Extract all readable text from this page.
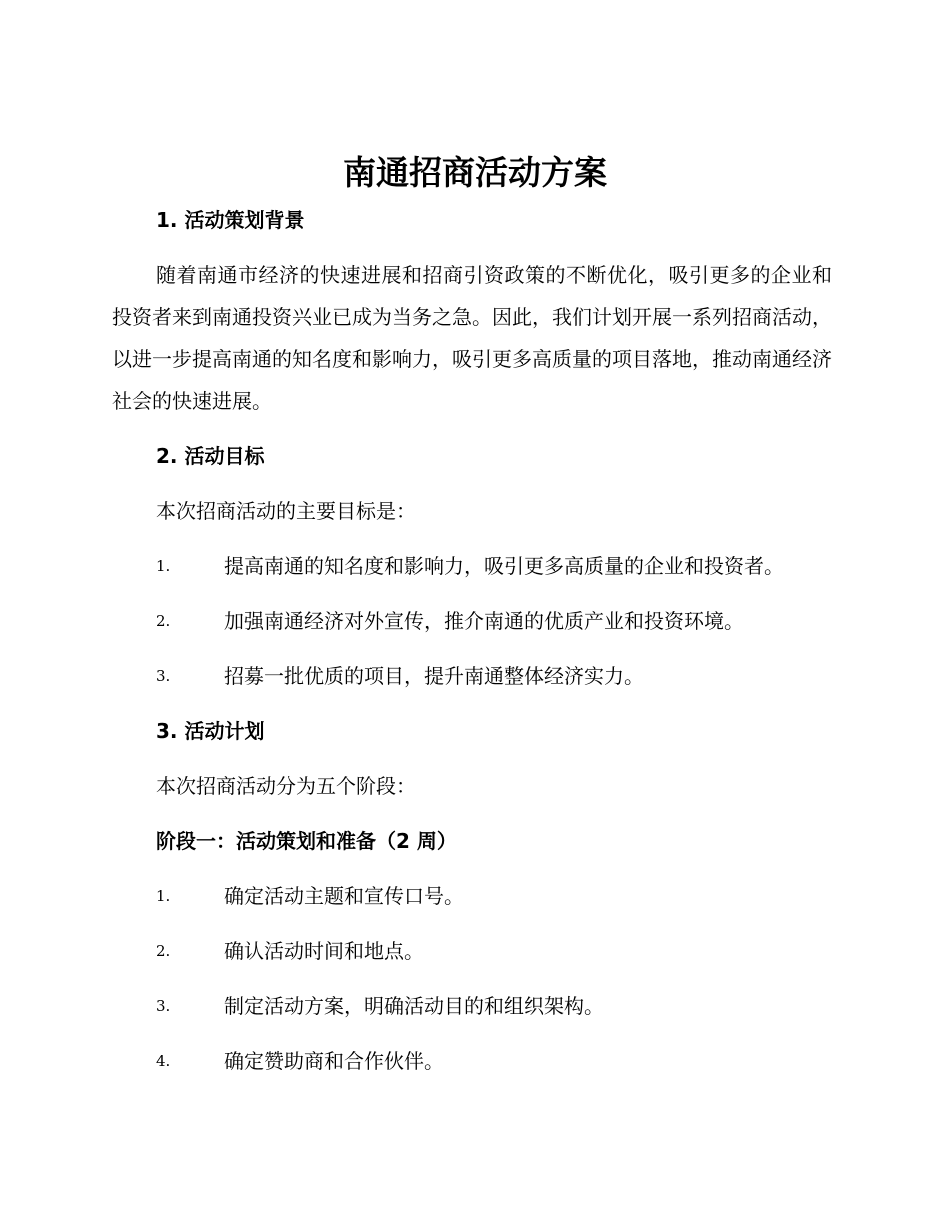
南通招商活动方案
1. 活动策划背景
随着南通市经济的快速进展和招商引资政策的不断优化，吸引更多的企业和投资者来到南通投资兴业已成为当务之急。因此，我们计划开展一系列招商活动，以进一步提高南通的知名度和影响力，吸引更多高质量的项目落地，推动南通经济社会的快速进展。
2. 活动目标
本次招商活动的主要目标是：
1.	提高南通的知名度和影响力，吸引更多高质量的企业和投资者。
2.	加强南通经济对外宣传，推介南通的优质产业和投资环境。
3.	招募一批优质的项目，提升南通整体经济实力。
3. 活动计划
本次招商活动分为五个阶段：
阶段一：活动策划和准备（2 周）
1.	确定活动主题和宣传口号。
2.	确认活动时间和地点。
3.	制定活动方案，明确活动目的和组织架构。
4.	确定赞助商和合作伙伴。
